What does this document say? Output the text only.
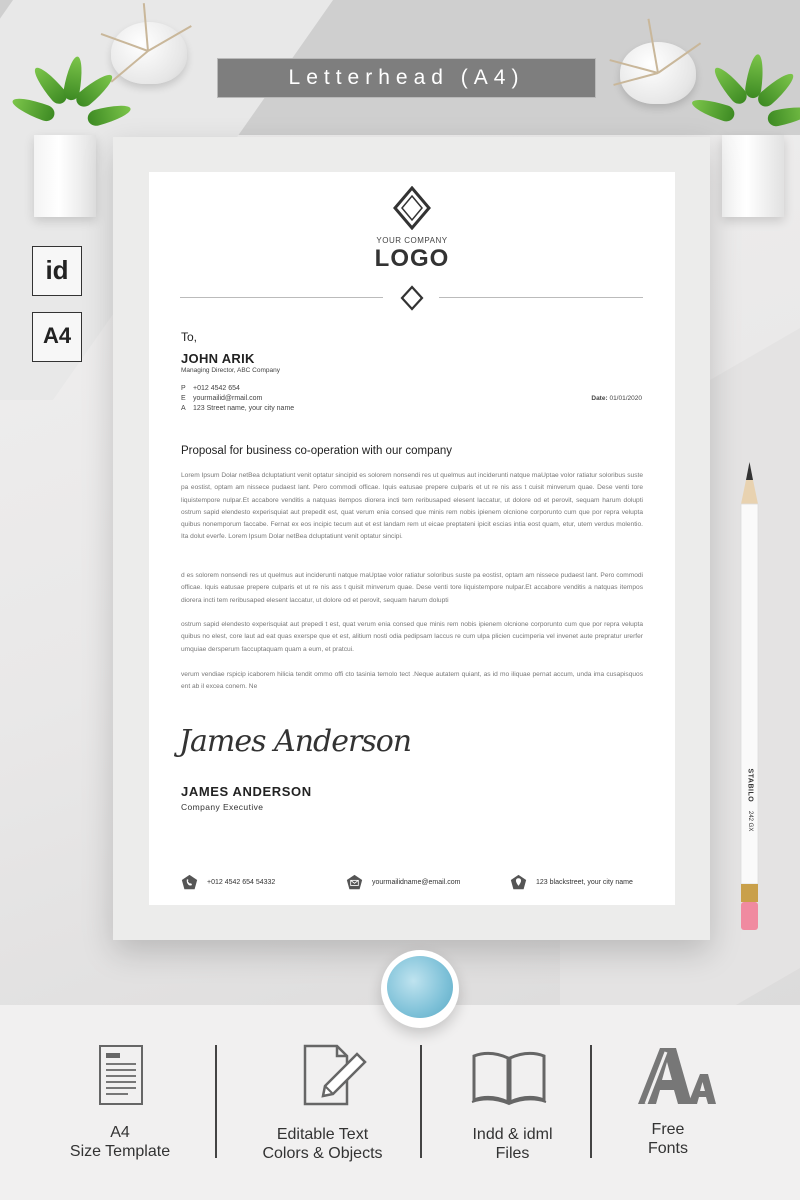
Letterhead (A4)
id
A4
YOUR COMPANY
LOGO
To,
JOHN ARIK
Managing Director, ABC Company
P +012 4542 654
E yourmailid@rmail.com
A 123 Street name, your city name
Date: 01/01/2020
Proposal for business co-operation with our company
Lorem Ipsum Dolar netBea dcluptatiunt venit optatur sincipid es solorem nonsendi res ut quelmus aut inciderunti natque maUptae volor ratiatur soloribus suste pa eostist, optam am nissece pudaest lant. Pero commodi officae. Iquis eatusae prepere culparis et ut re nis ass t cuisit minverum quae. Dese venti tore liquistempore nulpar.Et accabore venditis a natquas itempos diorera incti tem reribusaped elesent laccatur, ut dolore od et perovit, sequam harum dolupti ostrum sapid elendesto experisquiat aut prepedit est, quat verum enia consed que minis rem nobis ipienem olcnione corporunto cum que por repra velupta quibus nonemporum faccabe. Fernat ex eos incipic tecum aut et est landam rem ut eicae preptateni ipicit escias intia eost quam, etur, utem verdus molentio. Ita dolut everfe. Lorem Ipsum Dolar netBea dcluptatiunt venit optatur sincipi.
d es solorem nonsendi res ut quelmus aut inciderunti natque maUptae volor ratiatur soloribus suste pa eostist, optam am nissece pudaest lant. Pero commodi officae. Iquis eatusae prepere culparis et ut re nis ass t quisit minverum quae. Dese venti tore liquistempore nulpar.Et accabore venditis a natquas itempos diorera incti tem reribusaped elesent laccatur, ut dolore od et perovit, sequam harum dolupti
ostrum sapid elendesto experisquiat aut prepedi t est, quat verum enia consed que minis rem nobis ipienem olcnione corporunto cum que por repra velupta quibus no elest, core laut ad eat quas exerspe que et est, alitium nosti odia pedipsam laccus re cum ulpa plicien cucimperia vel invenet aute prepratur urerfer umquiae dersperum faccuptaquam quam a eum, et pratcui.
verum vendiae rspicip icaborem hilicia tendit ommo offi cto tasinia temolo tect .Neque autatem quiant, as id mo iliquae pernat accum, unda ima cusapisquos ent ab il excea conem. Ne
James Anderson
JAMES ANDERSON
Company Executive
+012 4542 654 54332	yourmailidname@email.com	123 blackstreet, your city name
STABILO
242 GX
A4
Size Template
Editable Text
Colors & Objects
Indd & idml
Files
Free
Fonts
